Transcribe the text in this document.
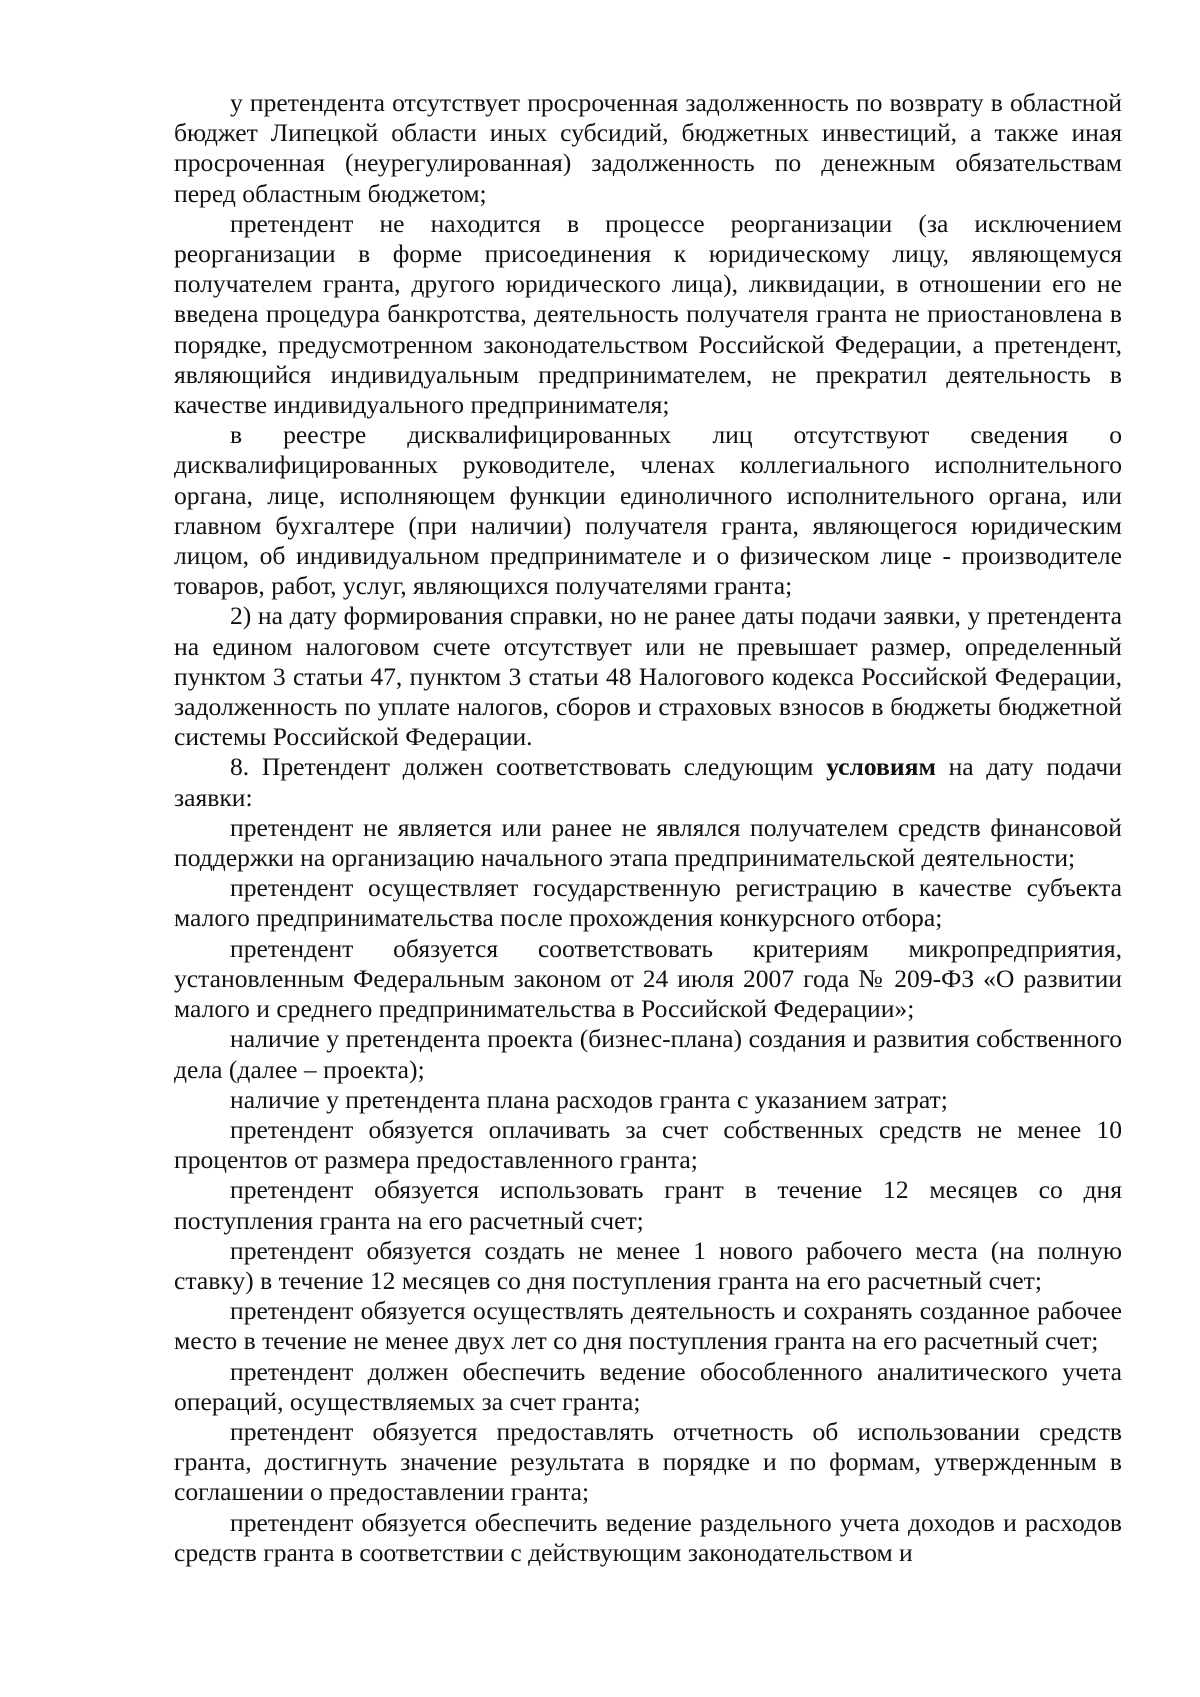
у претендента отсутствует просроченная задолженность по возврату в областной бюджет Липецкой области иных субсидий, бюджетных инвестиций, а также иная просроченная (неурегулированная) задолженность по денежным обязательствам перед областным бюджетом;

претендент не находится в процессе реорганизации (за исключением реорганизации в форме присоединения к юридическому лицу, являющемуся получателем гранта, другого юридического лица), ликвидации, в отношении его не введена процедура банкротства, деятельность получателя гранта не приостановлена в порядке, предусмотренном законодательством Российской Федерации, а претендент, являющийся индивидуальным предпринимателем, не прекратил деятельность в качестве индивидуального предпринимателя;

в реестре дисквалифицированных лиц отсутствуют сведения о дисквалифицированных руководителе, членах коллегиального исполнительного органа, лице, исполняющем функции единоличного исполнительного органа, или главном бухгалтере (при наличии) получателя гранта, являющегося юридическим лицом, об индивидуальном предпринимателе и о физическом лице - производителе товаров, работ, услуг, являющихся получателями гранта;

2) на дату формирования справки, но не ранее даты подачи заявки, у претендента на едином налоговом счете отсутствует или не превышает размер, определенный пунктом 3 статьи 47, пунктом 3 статьи 48 Налогового кодекса Российской Федерации, задолженность по уплате налогов, сборов и страховых взносов в бюджеты бюджетной системы Российской Федерации.

8. Претендент должен соответствовать следующим условиям на дату подачи заявки:

претендент не является или ранее не являлся получателем средств финансовой поддержки на организацию начального этапа предпринимательской деятельности;

претендент осуществляет государственную регистрацию в качестве субъекта малого предпринимательства после прохождения конкурсного отбора;

претендент обязуется соответствовать критериям микропредприятия, установленным Федеральным законом от 24 июля 2007 года № 209-ФЗ «О развитии малого и среднего предпринимательства в Российской Федерации»;

наличие у претендента проекта (бизнес-плана) создания и развития собственного дела (далее – проекта);

наличие у претендента плана расходов гранта с указанием затрат;

претендент обязуется оплачивать за счет собственных средств не менее 10 процентов от размера предоставленного гранта;

претендент обязуется использовать грант в течение 12 месяцев со дня поступления гранта на его расчетный счет;

претендент обязуется создать не менее 1 нового рабочего места (на полную ставку) в течение 12 месяцев со дня поступления гранта на его расчетный счет;

претендент обязуется осуществлять деятельность и сохранять созданное рабочее место в течение не менее двух лет со дня поступления гранта на его расчетный счет;

претендент должен обеспечить ведение обособленного аналитического учета операций, осуществляемых за счет гранта;

претендент обязуется предоставлять отчетность об использовании средств гранта, достигнуть значение результата в порядке и по формам, утвержденным в соглашении о предоставлении гранта;

претендент обязуется обеспечить ведение раздельного учета доходов и расходов средств гранта в соответствии с действующим законодательством и
